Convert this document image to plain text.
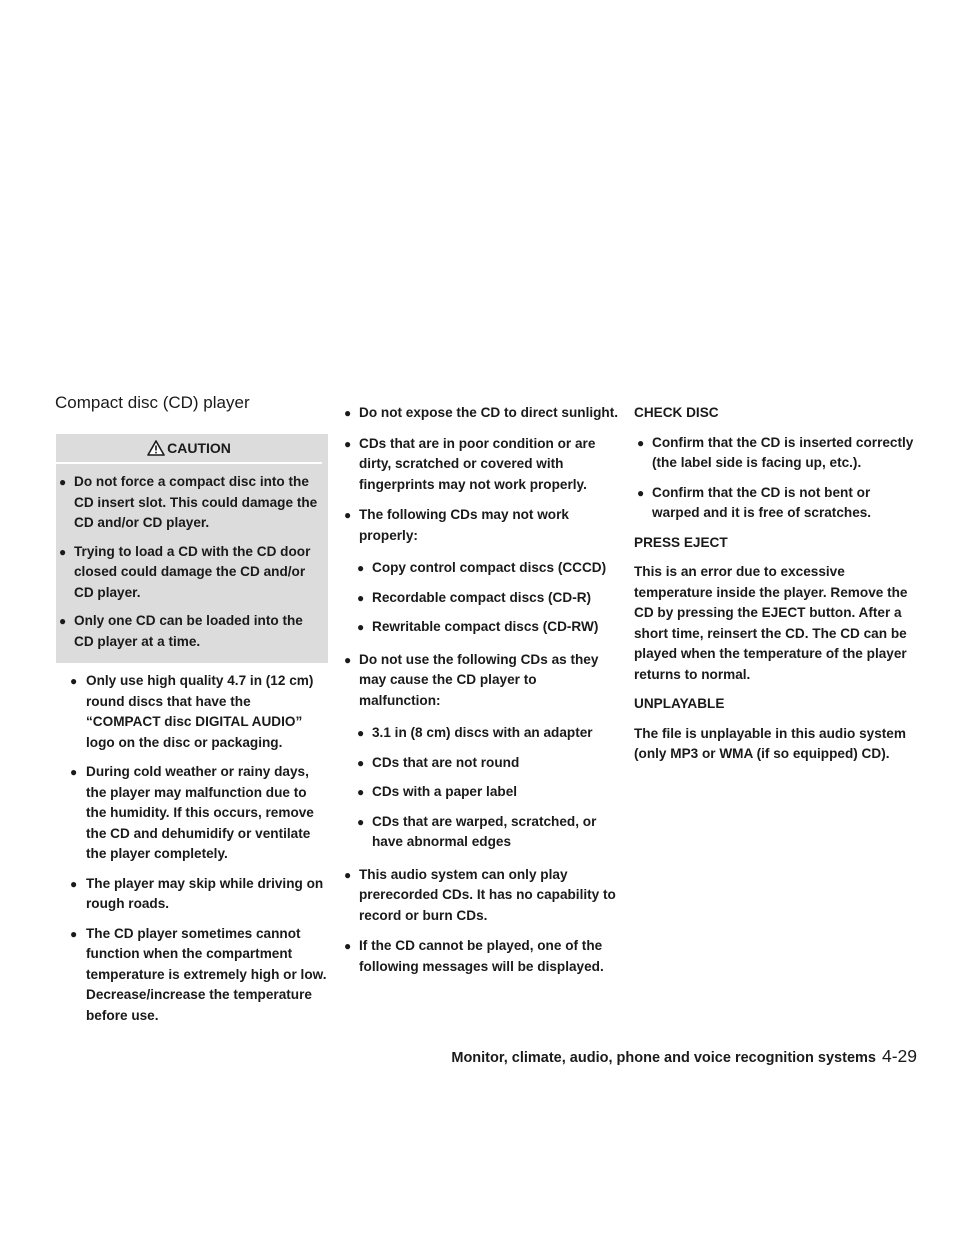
Compact disc (CD) player
CAUTION
● Do not force a compact disc into the CD insert slot. This could damage the CD and/or CD player.
● Trying to load a CD with the CD door closed could damage the CD and/or CD player.
● Only one CD can be loaded into the CD player at a time.
● Only use high quality 4.7 in (12 cm) round discs that have the “COMPACT disc DIGITAL AUDIO” logo on the disc or packaging.
● During cold weather or rainy days, the player may malfunction due to the humidity. If this occurs, remove the CD and dehumidify or ventilate the player completely.
● The player may skip while driving on rough roads.
● The CD player sometimes cannot function when the compartment temperature is extremely high or low. Decrease/increase the temperature before use.
● Do not expose the CD to direct sunlight.
● CDs that are in poor condition or are dirty, scratched or covered with fingerprints may not work properly.
● The following CDs may not work properly:
● Copy control compact discs (CCCD)
● Recordable compact discs (CD-R)
● Rewritable compact discs (CD-RW)
● Do not use the following CDs as they may cause the CD player to malfunction:
● 3.1 in (8 cm) discs with an adapter
● CDs that are not round
● CDs with a paper label
● CDs that are warped, scratched, or have abnormal edges
● This audio system can only play prerecorded CDs. It has no capability to record or burn CDs.
● If the CD cannot be played, one of the following messages will be displayed.
CHECK DISC
● Confirm that the CD is inserted correctly (the label side is facing up, etc.).
● Confirm that the CD is not bent or warped and it is free of scratches.
PRESS EJECT
This is an error due to excessive temperature inside the player. Remove the CD by pressing the EJECT button. After a short time, reinsert the CD. The CD can be played when the temperature of the player returns to normal.
UNPLAYABLE
The file is unplayable in this audio system (only MP3 or WMA (if so equipped) CD).
Monitor, climate, audio, phone and voice recognition systems 4-29
